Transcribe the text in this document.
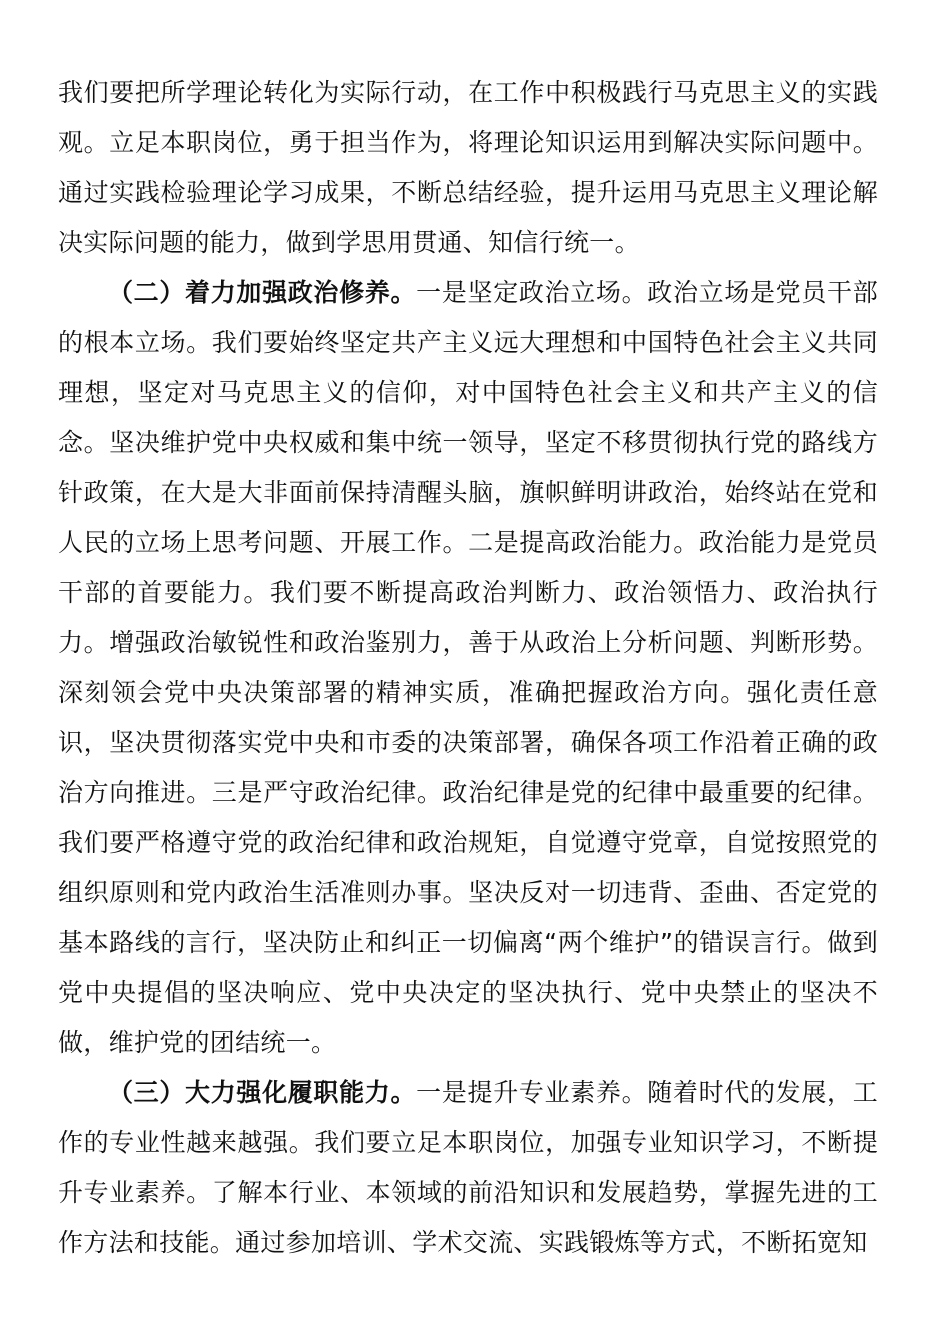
我们要把所学理论转化为实际行动，在工作中积极践行马克思主义的实践观。立足本职岗位，勇于担当作为，将理论知识运用到解决实际问题中。通过实践检验理论学习成果，不断总结经验，提升运用马克思主义理论解决实际问题的能力，做到学思用贯通、知信行统一。

（二）着力加强政治修养。一是坚定政治立场。政治立场是党员干部的根本立场。我们要始终坚定共产主义远大理想和中国特色社会主义共同理想，坚定对马克思主义的信仰，对中国特色社会主义和共产主义的信念。坚决维护党中央权威和集中统一领导，坚定不移贯彻执行党的路线方针政策，在大是大非面前保持清醒头脑，旗帜鲜明讲政治，始终站在党和人民的立场上思考问题、开展工作。二是提高政治能力。政治能力是党员干部的首要能力。我们要不断提高政治判断力、政治领悟力、政治执行力。增强政治敏锐性和政治鉴别力，善于从政治上分析问题、判断形势。深刻领会党中央决策部署的精神实质，准确把握政治方向。强化责任意识，坚决贯彻落实党中央和市委的决策部署，确保各项工作沿着正确的政治方向推进。三是严守政治纪律。政治纪律是党的纪律中最重要的纪律。我们要严格遵守党的政治纪律和政治规矩，自觉遵守党章，自觉按照党的组织原则和党内政治生活准则办事。坚决反对一切违背、歪曲、否定党的基本路线的言行，坚决防止和纠正一切偏离“两个维护”的错误言行。做到党中央提倡的坚决响应、党中央决定的坚决执行、党中央禁止的坚决不做，维护党的团结统一。

（三）大力强化履职能力。一是提升专业素养。随着时代的发展，工作的专业性越来越强。我们要立足本职岗位，加强专业知识学习，不断提升专业素养。了解本行业、本领域的前沿知识和发展趋势，掌握先进的工作方法和技能。通过参加培训、学术交流、实践锻炼等方式，不断拓宽知
